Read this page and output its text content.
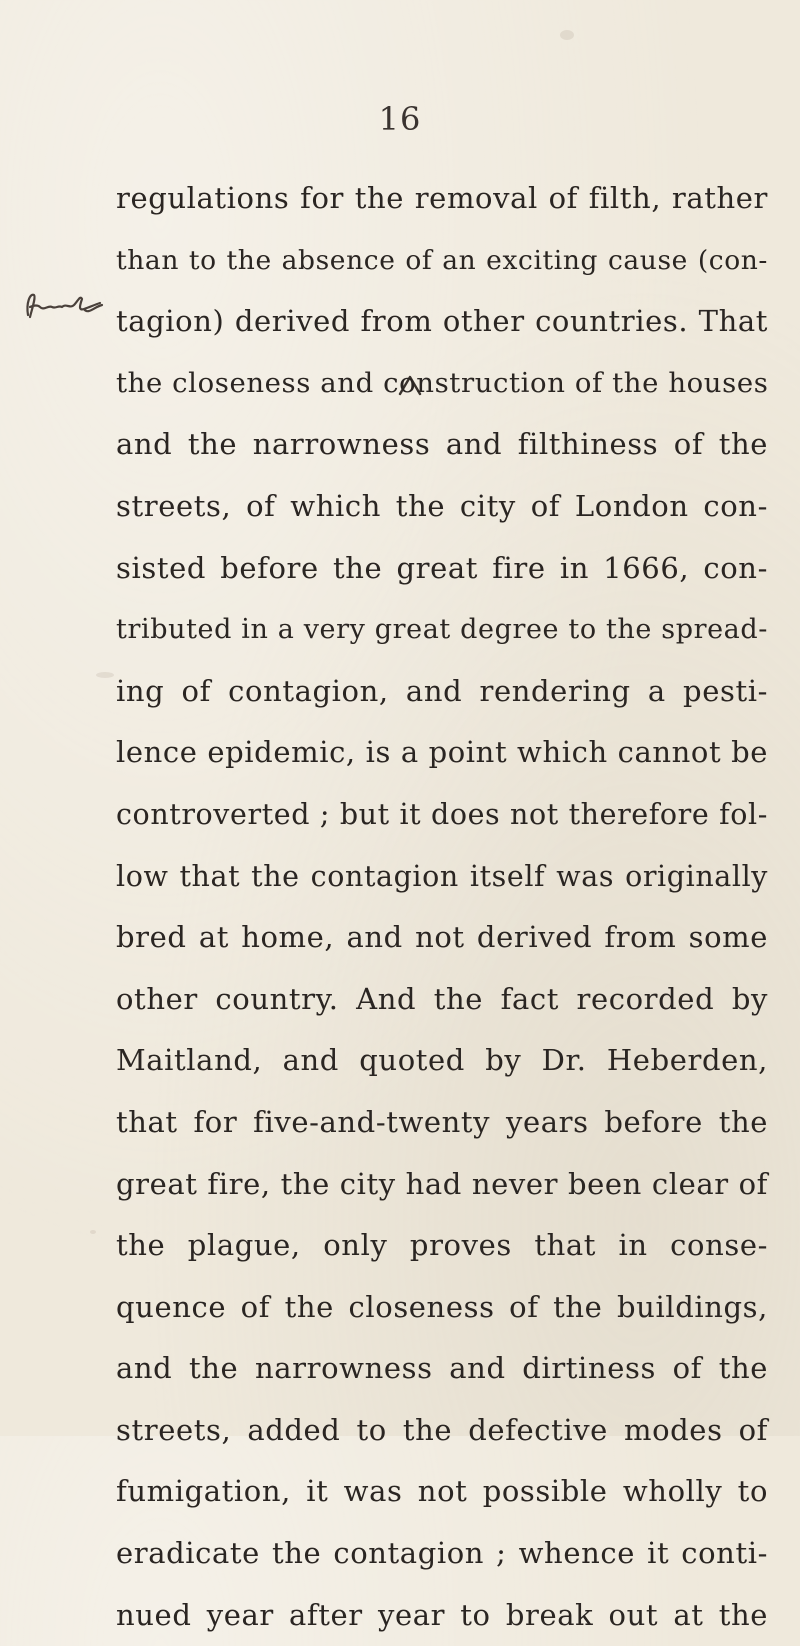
16
regulations for the removal of filth, rather
than to the absence of an exciting cause (con-
tagion) derived from other countries. That
the closeness and construction of the houses
and the narrowness and filthiness of the
streets, of which the city of London con-
sisted before the great fire in 1666, con-
tributed in a very great degree to the spread-
ing of contagion, and rendering a pesti-
lence epidemic, is a point which cannot be
controverted ; but it does not therefore fol-
low that the contagion itself was originally
bred at home, and not derived from some
other country. And the fact recorded by
Maitland, and quoted by Dr. Heberden,
that for five-and-twenty years before the
great fire, the city had never been clear of
the plague, only proves that in conse-
quence of the closeness of the buildings,
and the narrowness and dirtiness of the
streets, added to the defective modes of
fumigation, it was not possible wholly to
eradicate the contagion ; whence it conti-
nued year after year to break out at the
